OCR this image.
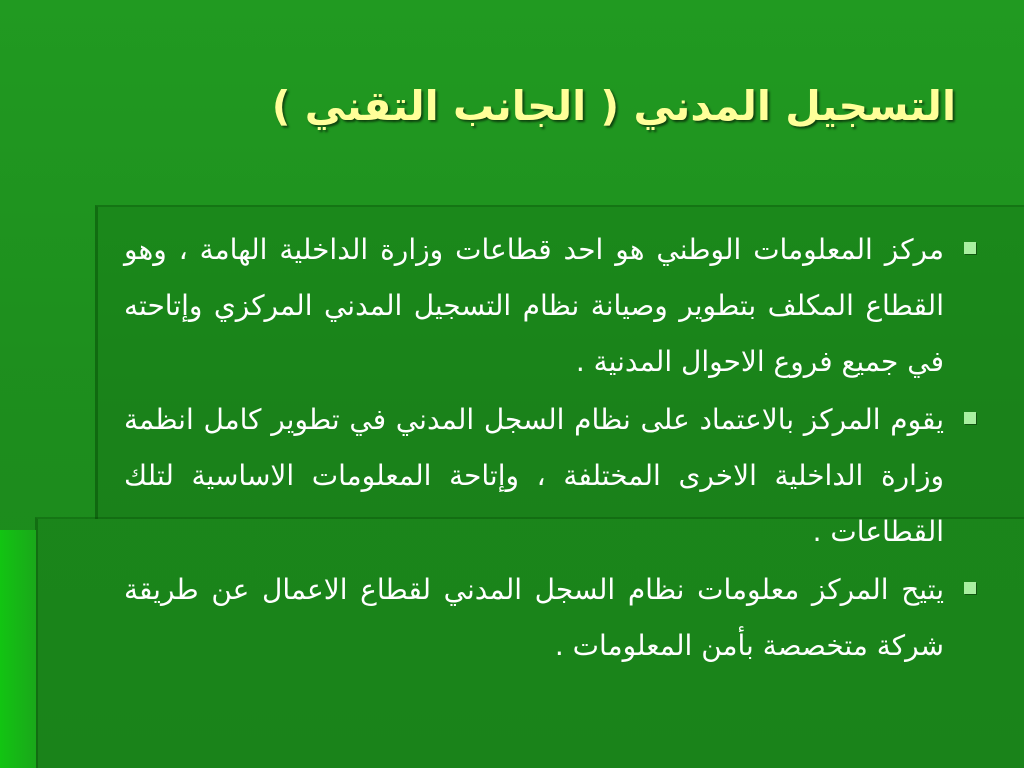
التسجيل المدني ( الجانب التقني )
مركز المعلومات الوطني هو احد قطاعات وزارة الداخلية الهامة ، وهو القطاع المكلف بتطوير وصيانة نظام التسجيل المدني المركزي وإتاحته في جميع فروع الاحوال المدنية .
يقوم المركز بالاعتماد على نظام السجل المدني في تطوير كامل انظمة وزارة الداخلية الاخرى المختلفة ، وإتاحة المعلومات الاساسية لتلك القطاعات .
يتيح المركز معلومات نظام السجل المدني لقطاع الاعمال عن طريقة شركة متخصصة بأمن المعلومات .
